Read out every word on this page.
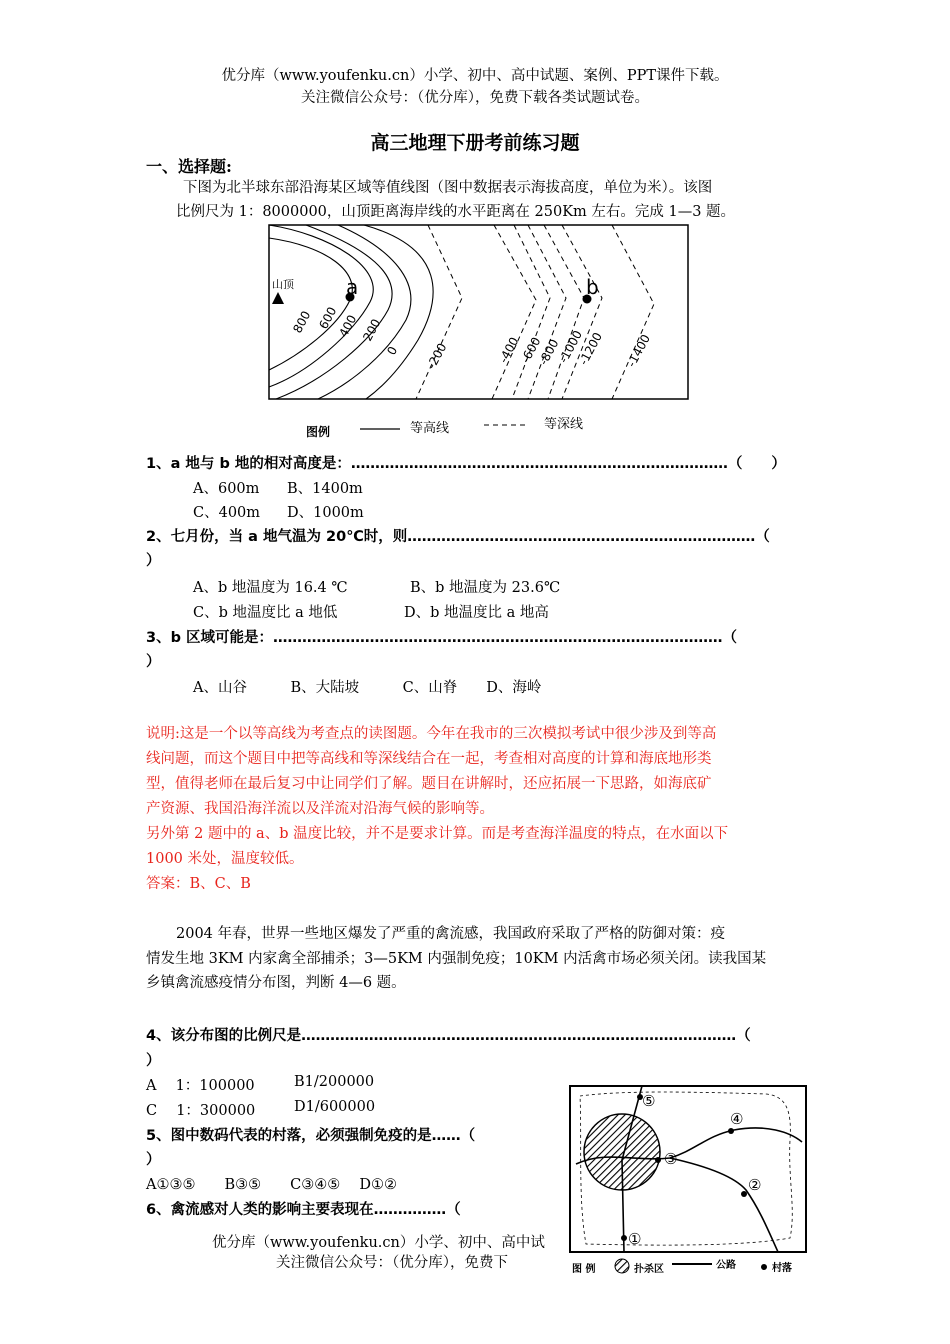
优分库（www.youfenku.cn）小学、初中、高中试题、案例、PPT课件下载。
关注微信公众号：（优分库），免费下载各类试题试卷。
高三地理下册考前练习题
一、选择题:
下图为北半球东部沿海某区域等值线图（图中数据表示海拔高度，单位为米）。该图
比例尺为 1：8000000，山顶距离海岸线的水平距离在 250Km 左右。完成 1—3 题。
山顶	a	b
800 600
400 200
0 -200	-400
-600
-800
-1000
-1200 -1400
图例	等高线	等深线
1、a 地与 b 地的相对高度是：……………………………………………………………………（　　）
A、600m B、1400m
C、400m D、1000m
2、七月份，当 a 地气温为 20℃时，则………………………………………………………………（
）
A、b 地温度为 16.4 ℃	B、b 地温度为 23.6℃
C、b 地温度比 a 地低	D、b 地温度比 a 地高
3、b 区域可能是：…………………………………………………………………………………（
）
A、山谷　　　B、大陆坡　　　C、山脊　　D、海岭
说明:这是一个以等高线为考查点的读图题。今年在我市的三次模拟考试中很少涉及到等高
线问题，而这个题目中把等高线和等深线结合在一起，考查相对高度的计算和海底地形类
型，值得老师在最后复习中让同学们了解。题目在讲解时，还应拓展一下思路，如海底矿
产资源、我国沿海洋流以及洋流对沿海气候的影响等。
另外第 2 题中的 a、b 温度比较，并不是要求计算。而是考查海洋温度的特点，在水面以下
1000 米处，温度较低。
答案：B、C、B
2004 年春，世界一些地区爆发了严重的禽流感，我国政府采取了严格的防御对策：疫
情发生地 3KM 内家禽全部捕杀；3—5KM 内强制免疫；10KM 内活禽市场必须关闭。读我国某
乡镇禽流感疫情分布图，判断 4—6 题。
4、该分布图的比例尺是………………………………………………………………………………（
）
A　 1：100000	B1/200000
C　 1：300000	D1/600000
5、图中数码代表的村落，必须强制免疫的是……（
）
A①③⑤　　B③⑤　　C③④⑤　 D①②
6、禽流感对人类的影响主要表现在……………（
优分库（www.youfenku.cn）小学、初中、高中试
关注微信公众号：（优分库），免费下
⑤
④
③
②
①
图 例	扑杀区	公路	村落
